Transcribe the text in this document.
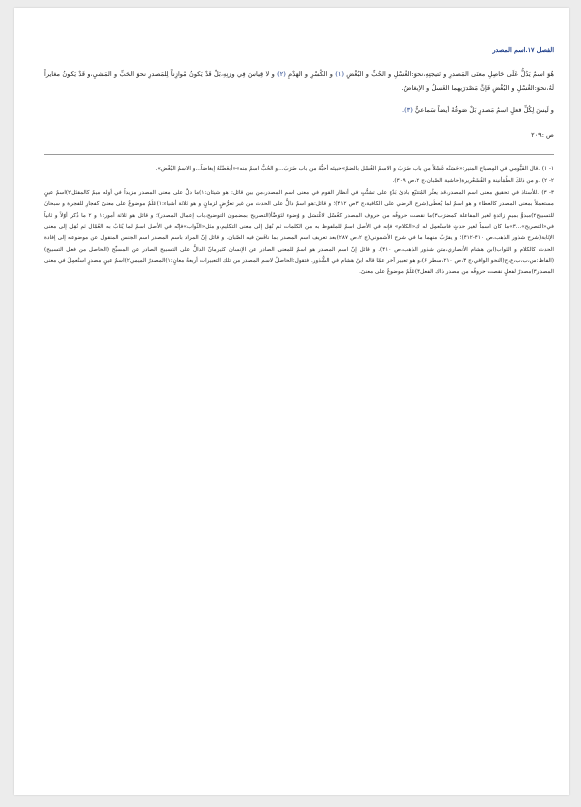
الفصل ۱۷.اسم المصدر
هُوَ اسمٌ يَدُلُّ عَلَى حَاصِلِ معنَى المَصدرِ و نَتيجتِهِ،نحوَ:الغُسْلِ و الحُبِّ و البُغْضِ (۱) و الكُسْرِ و الهَدْمِ (۲) و لا قِياسَ فِي وزنِهِ،بَلْ قَدْ يَكونُ مُوازِناً لِلمَصدرِ نحوَ الحَبِّ و المَشيِ،و قَدْ يَكونُ مغايراً لَهُ،نحوَ:الغُسْلِ و البُغْضِ فَإنَّ مَصْدرَيهما الغَسلُ و الإبغاضُ.
و لَيسَ لِكُلِّ فعلٍ اسمُ مَصدرٍ بَلْ صَوغُهُ أيضاً سَماعيٌّ (۳).
ص :۲۰۹
۱- ۱) .قال الفَيُّومي في المِصباح المنير:«حَسَنُه غَسْلاً من باب ضَرَبَ و الاسمُ الغُسْل بالضمّ»حبيئه أحبُّهُ من باب ضَرَبَ...و الحُبُّ اسمٌ منه»«أبغَضْتُهُ إبغاضاً...و الاسمُ البُغْض».
۲- ۲) .و من ذلكَ الطُمَأنينة و القُشَعْريرة(حاشية الصّبان،ج ۲،ص ۳۰۹).
۳- ۳) .للأستاذ في تحقيق معنى اسم المصدر،قد يعثُر المُتتبّع بادئ بَدْءٍ على تشتُّتٍ في أنظار القوم في معنى اسم المصدر،من بين قائل: هو شيئان:۱)ما دلَّ على معنى المصدر مزيداً في أوله ميمٌ كالمقتَل۲)اسمٌ عينٍ مستعملاً بمعنى المصدر كالعطاء و هو اسمٌ لما يُعطَى(شرح الرضي على الكافية،ج ۳ص ۴۱۲)؛ و قائل:هو اسمٌ دالٌّ على الحدث من غير تعرُّضٍ لزمانٍ و هو ثلاثة أشياء:۱)عَلَمٌ موضوعٌ على معنىً كفجارِ للفجرة و سبحانَ للتسبيح۲)مبدوٌّ بميمٍ زائدةٍ لغير المفاعلة كمضرَب۳)ما نقصت حروفُه من حروف المصدر كغُسْل لاغْتسَل و وُضوء لتَوَضَّأ(التصريح بمضمون التوضيح،باب إعمال المصدر)؛ و قائل هو ثلاثة أمور:۱ و ۲ ما ذُكر أوّلاً و ثانياً في«التصريح»...۳»ما كان اسماً لغير حدثٍ فاستُعمِل له ك«الكلام» فإنه في الأصل اسمٌ للملفوظ به من الكلمات ثم نُقِل إلى معنى التكليم،و مثل«الثّواب»فإنّه في الأصل اسمٌ لما يُثابُ به العُمّال ثم نُقِل إلى معنى الإثابة(شرح شذور الذهب،ص ۴۱۰-۴۱۲)؛ و يقرُبُ منهما ما في شرح الأشموني(ج ۲،ص ۲۸۷)بعد تعريف اسم المصدر بما نافَسَ فيه الصّبان. و قائل إنّ المراد باسم المصدر اسم الجنس المنقول عن موضوعه إلى إفادة الحدث كالكلام و الثواب(ابن هشام الأنصاري،متن شذور الذهب،ص ۴۱۰). و قائل إنّ اسم المصدر هو اسمٌ للمعنى الصادر عن الإنسان كثيرمانّ الدالُّ على التسبيح الصادر عن المسبِّح (الحاصل من فعل التسبيح)(الفاظ:س،ب،ب،ع،ح(النحو الوافي،ج ۳،ص ۲۱۰،سطر ۶)،و هو تعبير آخر عمّا قاله ابنُ هشام في الشُّذور. فتقول:الحاصلُ لاسم المصدر من تلك التعبيرات أربعةُ معانٍ:۱)المصدرُ الميمي۲)اسمٌ عينٍ مصدرٍ استُعمِلَ في معنى المصدر۳)مصدرٌ لفعلٍ نقصت حروفُه من مصدر ذاك الفعل۴)عَلَمٌ موضوعٌ على معنىً.
